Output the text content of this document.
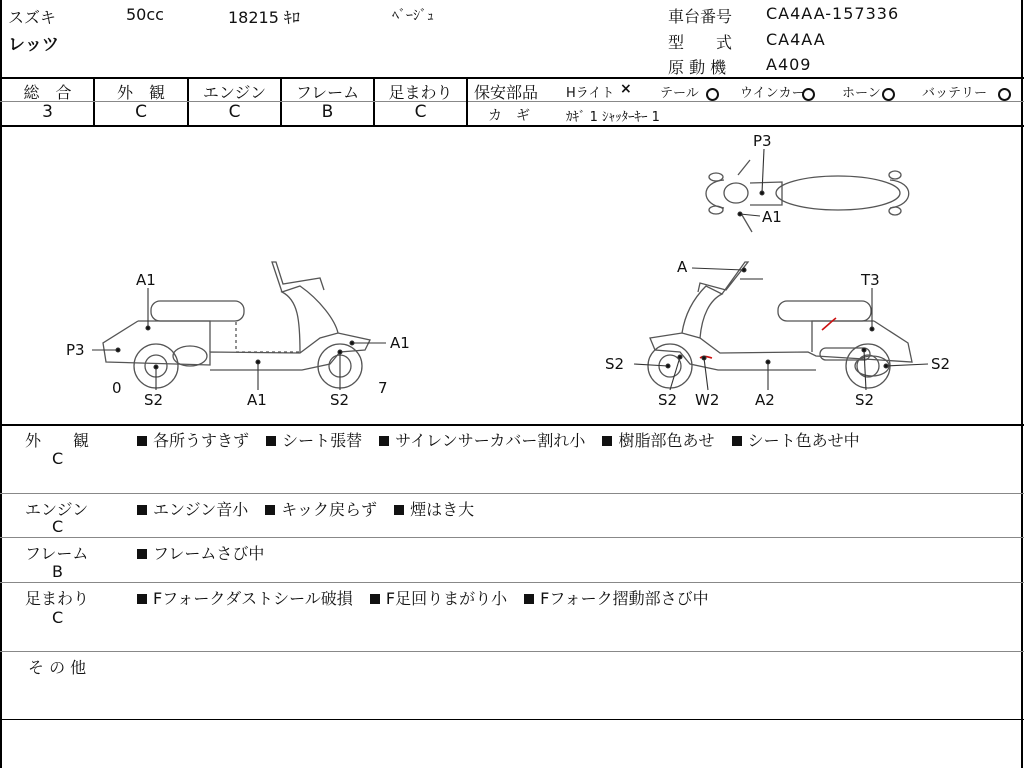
スズキ	50cc	18215 ｷﾛ	ﾍﾞｰｼﾞｭ
レッツ
車台番号 CA4AA-157336
型　　式 CA4AA
原 動 機 A409
総　合
3
外　観
C
エンジン
C
フレーム
B
足まわり
C
保安部品 Hライト × テール	ウインカー	ホーン	バッテリー
カ　ギ	ｶｷﾞ 1 ｼｬｯﾀｰｷｰ 1
P3
A1
A1
P3	A1
0
S2	A1	S2
7
A
T3
S2	S2
S2 W2 A2	S2
外　　観
C
各所うすきず シート張替 サイレンサーカバー割れ小 樹脂部色あせ シート色あせ中
エンジン
C
エンジン音小 キック戻らず 煙はき大
フレーム
B
フレームさび中
足まわり
C
Fフォークダストシール破損 F足回りまがり小 Fフォーク摺動部さび中
そ の 他
